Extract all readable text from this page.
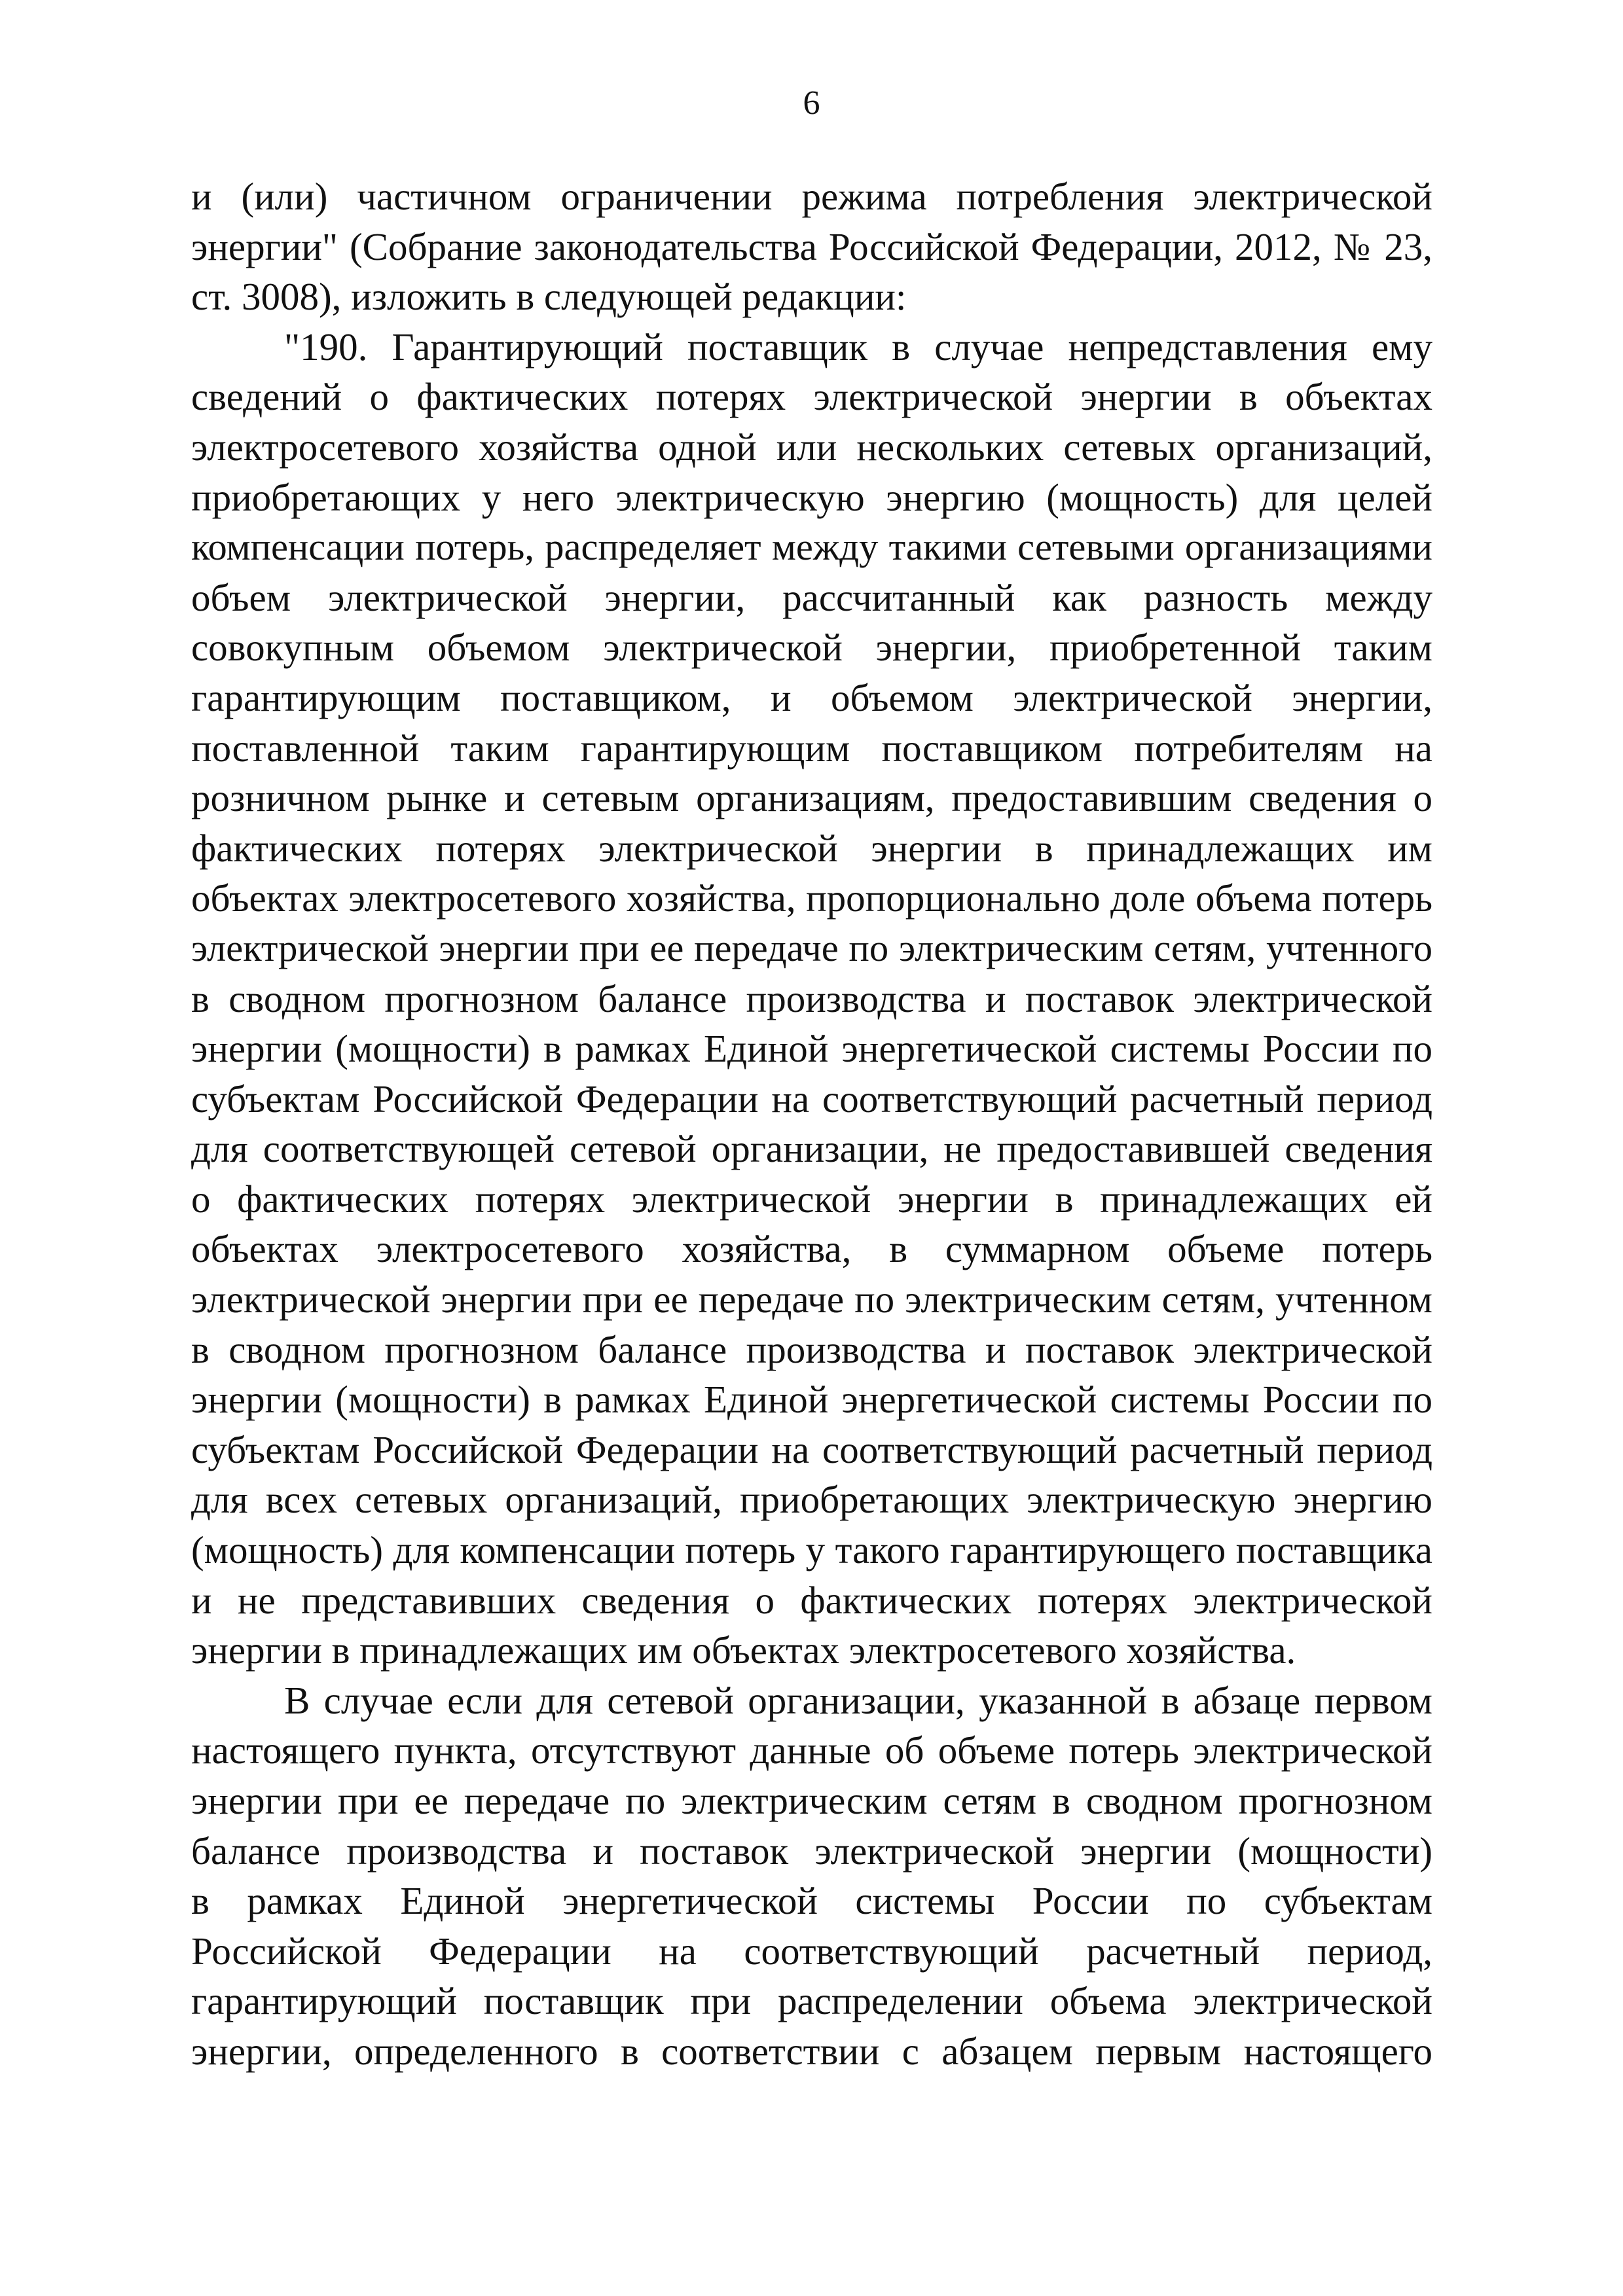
6
и (или) частичном ограничении режима потребления электрической
энергии" (Собрание законодательства Российской Федерации, 2012, № 23,
ст. 3008), изложить в следующей редакции:
"190. Гарантирующий поставщик в случае непредставления ему
сведений о фактических потерях электрической энергии в объектах
электросетевого хозяйства одной или нескольких сетевых организаций,
приобретающих у него электрическую энергию (мощность) для целей
компенсации потерь, распределяет между такими сетевыми организациями
объем электрической энергии, рассчитанный как разность между
совокупным объемом электрической энергии, приобретенной таким
гарантирующим поставщиком, и объемом электрической энергии,
поставленной таким гарантирующим поставщиком потребителям на
розничном рынке и сетевым организациям, предоставившим сведения о
фактических потерях электрической энергии в принадлежащих им
объектах электросетевого хозяйства, пропорционально доле объема потерь
электрической энергии при ее передаче по электрическим сетям, учтенного
в сводном прогнозном балансе производства и поставок электрической
энергии (мощности) в рамках Единой энергетической системы России по
субъектам Российской Федерации на соответствующий расчетный период
для соответствующей сетевой организации, не предоставившей сведения
о фактических потерях электрической энергии в принадлежащих ей
объектах электросетевого хозяйства, в суммарном объеме потерь
электрической энергии при ее передаче по электрическим сетям, учтенном
в сводном прогнозном балансе производства и поставок электрической
энергии (мощности) в рамках Единой энергетической системы России по
субъектам Российской Федерации на соответствующий расчетный период
для всех сетевых организаций, приобретающих электрическую энергию
(мощность) для компенсации потерь у такого гарантирующего поставщика
и не представивших сведения о фактических потерях электрической
энергии в принадлежащих им объектах электросетевого хозяйства.
В случае если для сетевой организации, указанной в абзаце первом
настоящего пункта, отсутствуют данные об объеме потерь электрической
энергии при ее передаче по электрическим сетям в сводном прогнозном
балансе производства и поставок электрической энергии (мощности)
в рамках Единой энергетической системы России по субъектам
Российской Федерации на соответствующий расчетный период,
гарантирующий поставщик при распределении объема электрической
энергии, определенного в соответствии с абзацем первым настоящего
